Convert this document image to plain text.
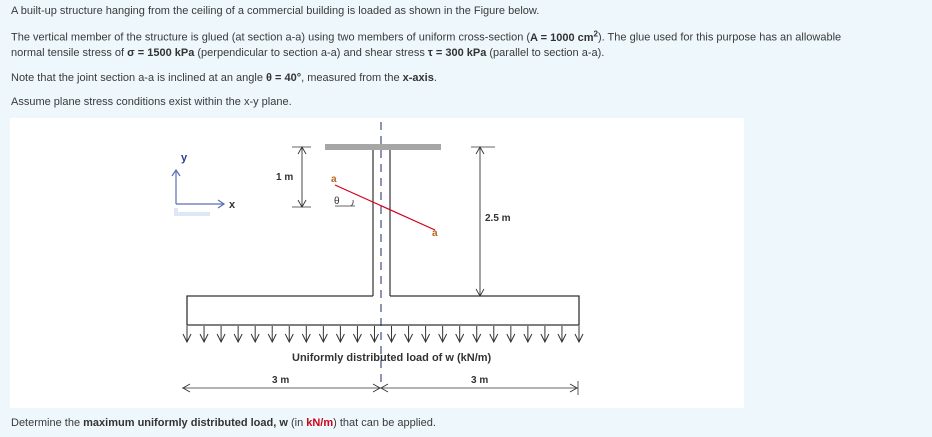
A built-up structure hanging from the ceiling of a commercial building is loaded as shown in the Figure below.

The vertical member of the structure is glued (at section a-a) using two members of uniform cross-section (A = 1000 $cm^2$). The glue used for this purpose has an allowable

normal tensile stress of σ = 1500 kPa (perpendicular to section a-a) and shear stress τ = 300 kPa (parallel to section a-a).

Note that the joint section a-a is inclined at an angle θ = 40°, measured from the x-axis.

Assume plane stress conditions exist within the x-y plane.

y
x
a
a
θ
1 m
2.5 m
Uniformly distributed load of w (kN/m)
3 m	3 m

Determine the maximum uniformly distributed load, w (in kN/m) that can be applied.
